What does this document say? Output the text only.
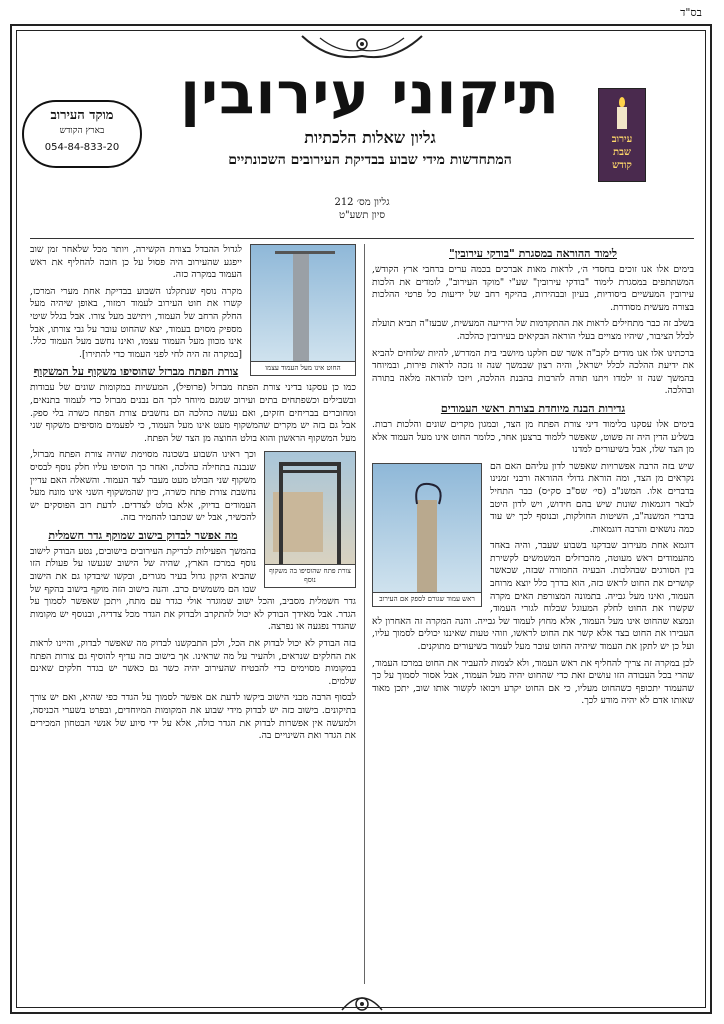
בס"ד
עירוב
שבת
קודש
תיקוני עירובין
גליון שאלות הלכתיות
המתחדשות מידי שבוע בבדיקת העירובים השכונתיים
מוקד העירוב
בארץ הקודש
054-84-833-20
גליון מס׳ 212
סיון תשע"ט
לימוד ההוראה במסגרת "בודקי עירובין"

בימים אלו אנו זוכים בחסדי ה׳, לראות מאות אברכים בכמה ערים ברחבי ארץ הקודש, המשתתפים במסגרת לימוד "בודקי עירובין" שע"י "מוקד העירוב", לומדים את הלכות עירובין המעשיים ביסודיות, בעיון ובבהירות, בהיקף רחב של ידיעות כל פרטי ההלכות בצורה מעשית מסודרת.

בשלב זה כבר מתחילים לראות את ההתקדמות של היריעה המעשית, שבעז"ה תביא תועלת לכלל הציבור, שיהיו מצויים בעלי הוראה הבקיאים בעירובין כהלכה.

ברכתינו אלו אנו מודים לקב"ה אשר שם חלקנו מיושבי בית המדרש, להיות שלוחים להביא את ידיעת ההלכה לכלל ישראל, והיה רצון שבמשך שנה זו נזכה לראות פירות, ובמיוחד בהמשך שנה זו ילמדו ויתנו תודה להרבות בהבנת ההלכה, ויזכו להוראה מלאה בתורה ובהלכה.

גדירות הבנה מיוחדת בצורת ראשי העמודים

בימים אלו עסקנו בלימוד דיני צורת הפתח מן הצד, ובמגון מקרים שונים והלכות רבות. בשל׳ע הדין היה זה פשוט, שאפשר ללמוד ברצען אחר, כלומר החוט אינו מעל העמוד אלא מן הצד שלו, אבל בשיעורים למדנו

ראש עמוד שגורם לספק אם העירוב

שיש בזה הרבה אפשרויות שאפשר לדון עליהם האם הם נקראים מן הצד, ומה הוראת גדולי ההוראה ורבני זמנינו בדברים אלו. המשנ"ב (סי׳ שס"ב סק״ס) כבר התחיל לבאר דוגמאות שונות שיש בהם חידוש, ויש לדון היטב בדברי המשנה"ב, השיטות החולקות, ובנוסף לכך יש עוד כמה נושאים והרבה דוגמאות.

דוגמא אחת מעירוב שבדקנו בשבוע שעבר, והיה באחד מהעמודים ראש מעוטה, מהברזלים המשמשים לקשירת בין הסורגים שבהלכות. הבעיה החמורה שבזה, שכאשר קושרים את החוט לראש כזה, הוא בדרך כלל יוצא מרוחב העמוד, ואינו מעל גבייה. בתמונה המצורפת האים מקרה שקשרו את החוט לחלק המעוגל שבלוח לגורי העמוד, ונמצא שהחוט אינו מעל העמוד, אלא מחוץ לעמוד של גבייה. והנה המקרה זה האחרון לא העבירו את החוט בצד אלא קשר את החוט לראשו, וזוהי טעות שאיננו יכולים לסמוך עליו, ועל כן יש לתקן את העמוד שיהיה החוט עובר מעל לעמוד בשיעורים מתוקנים.

לכן במקרה זה צריך להחליף את ראש העמוד, ולא לצמות להעביר את החוט במרכז העמוד, שהרי בכל העבודה הזו עושים זאת כדי שהחוט יהיה מעל העמוד, אבל אסור לסמוך על כך שהעמוד יתכופף כשהחוט מעליו, כי אם החוט יקרע ויבואו לקשור אותו שוב, יתכן מאוד שאותו אדם לא יהיה מודע לכך.

החוט אינו מעל העמוד עצמו

לגדול ההבדל בצורת הקשירה, ויותר מכל שלאחר זמן שוב ייפגע שהעירוב היה פסול על כן חובה להחליף את ראש העמוד במקרה כזה.

מקרה נוסף שנתקלנו השבוע בבדיקת אחת מערי המרכז, קשרו את חוט העירוב לעמוד רמזור, באופן שיהיה מעל החלק הרחב של העמוד, ויתישב מעל צורו. אבל בגלל שיטי מספיק מסוים בעמוד, יצא שהחוט עובר על גבי צורתו, אבל אינו מכוון מעל העמוד עצמו, ואינו נחשב מעל העמוד כלל. [במקרה זה היה לחי לפני העמוד כדי להתירו].

צורת הפתח מברזל שהוסיפו משקוף על המשקוף

כמו כן עסקנו בדיני צורת הפתח מברזל (פרופיל), המעשיות במקומות שונים של עבודות ובשבילים וכשפתחים בתים ועירוב שמנם מיוחד לכך הם נבנים מברזל כדי לעמוד בתנאים, ומחוברים בבריחים חזקים, ואם נעשה כהלכה הם נחשבים צורת הפתח כשרה בלי ספק. אבל גם בזה יש מקרים שהמשקוף מעט אינו מעל העמוד, כי לפעמים מוסיפים משקוף שני מעל המשקוף הראשון והוא בולט החוצה מן הצד של הפתח.

צורת פתח שהוסיפו בה משקוף נוסף

וכך ראינו השבוע בשכונה מסוימת שהיה צורת הפתח מברזל, שנבנה בתחילה כהלכה, ואחר כך הוסיפו עליו חלק נוסף לבסיס משקוף שני הבולט מעט מעבר לצד העמוד. והשאלה האם עדיין נחשבת צורת פתח כשרה, כיון שהמשקוף השני אינו מונח מעל העמודים בדיוק, אלא בולט לצדדים. לדעת רוב הפוסקים יש להכשיר, אבל יש שכתבו להחמיר בזה.

מה אפשר לבדוק בישוב שמוקף גדר חשמלית

בהמשך הפעילות לבדיקת העירובים בישובים, נטע הבודק לישוב נוסף במרכז הארץ, שהיה של הישוב שנעשו על פעולת הזו שהביא היקון גדול בעיר מגורים, ובקשו שיבדקו גם את הישוב שבו הם משמשים כרב. והנה בישוב הזה מוקף בישוב בהקף של גדר חשמלית מסביב, והכל ישוב שמוגדר אולי כגדר עם מתח, ויתכן שאפשר לסמוך על הגדר. אבל מאידך הבודק לא יכול להתקרב ולבדוק את הגדר מכל צדדיה, ובנוסף יש מקומות שהגדר נפגעה או נפרצה.

בזה הבודק לא יכול לבדוק את הכל, ולכן התבקשנו לבדוק מה שאפשר לבדוק, והיינו לראות את החלקים שנראים, ולהעיר על מה שראינו. אך בישוב כזה עדיף להוסיף גם צורות הפתח במקומות מסוימים כדי להבטיח שהעירוב יהיה כשר גם כאשר יש בגדר חלקים שאינם שלמים.

לבסוף הרבה מבני הישוב ביקשו לדעת אם אפשר לסמוך על הגדר כפי שהיא, ואם יש צורך בתיקונים. בישוב כזה יש לבדוק מידי שבוע את המקומות המיוחדים, ובפרט בשערי הכניסה, ולמעשה אין אפשרות לבדוק את הגדר כולה, אלא על ידי סיוע של אנשי הבטחון המכירים את הגדר ואת השינויים בה.
